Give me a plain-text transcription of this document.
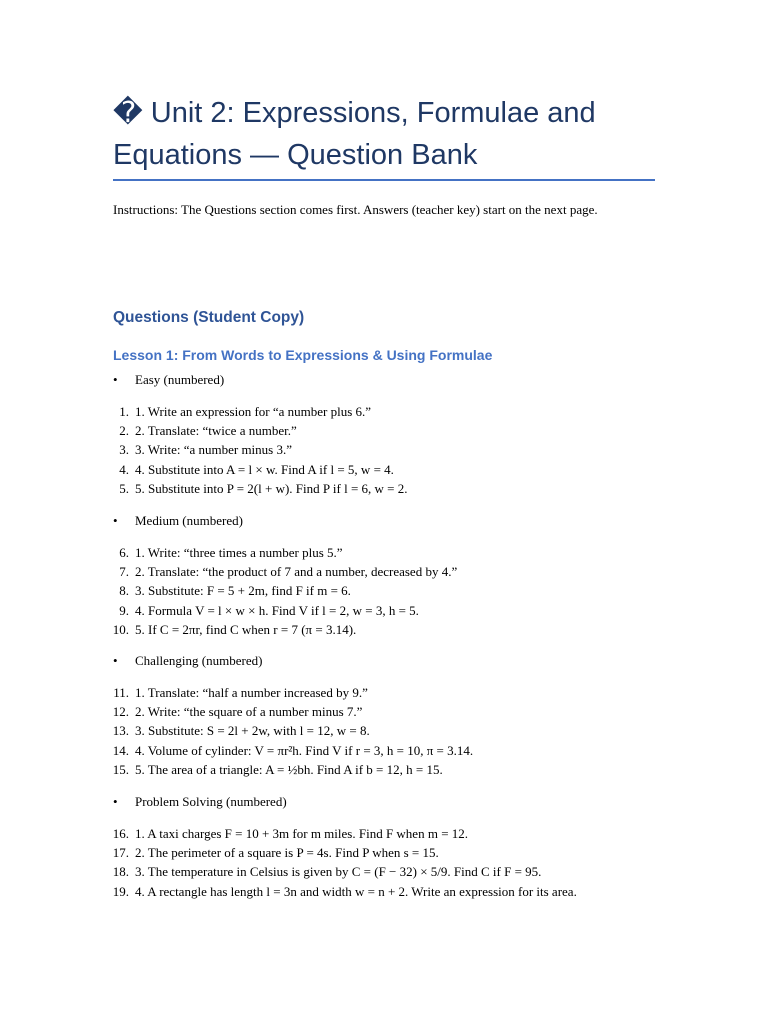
� Unit 2: Expressions, Formulae and Equations — Question Bank

Instructions: The Questions section comes first. Answers (teacher key) start on the next page.

Questions (Student Copy)
Lesson 1: From Words to Expressions & Using Formulae
• Easy (numbered)
1. 1. Write an expression for “a number plus 6.”
2. 2. Translate: “twice a number.”
3. 3. Write: “a number minus 3.”
4. 4. Substitute into A = l × w. Find A if l = 5, w = 4.
5. 5. Substitute into P = 2(l + w). Find P if l = 6, w = 2.
• Medium (numbered)
6. 1. Write: “three times a number plus 5.”
7. 2. Translate: “the product of 7 and a number, decreased by 4.”
8. 3. Substitute: F = 5 + 2m, find F if m = 6.
9. 4. Formula V = l × w × h. Find V if l = 2, w = 3, h = 5.
10. 5. If C = 2πr, find C when r = 7 (π = 3.14).
• Challenging (numbered)
11. 1. Translate: “half a number increased by 9.”
12. 2. Write: “the square of a number minus 7.”
13. 3. Substitute: S = 2l + 2w, with l = 12, w = 8.
14. 4. Volume of cylinder: V = πr²h. Find V if r = 3, h = 10, π = 3.14.
15. 5. The area of a triangle: A = ½bh. Find A if b = 12, h = 15.
• Problem Solving (numbered)
16. 1. A taxi charges F = 10 + 3m for m miles. Find F when m = 12.
17. 2. The perimeter of a square is P = 4s. Find P when s = 15.
18. 3. The temperature in Celsius is given by C = (F − 32) × 5/9. Find C if F = 95.
19. 4. A rectangle has length l = 3n and width w = n + 2. Write an expression for its area.
